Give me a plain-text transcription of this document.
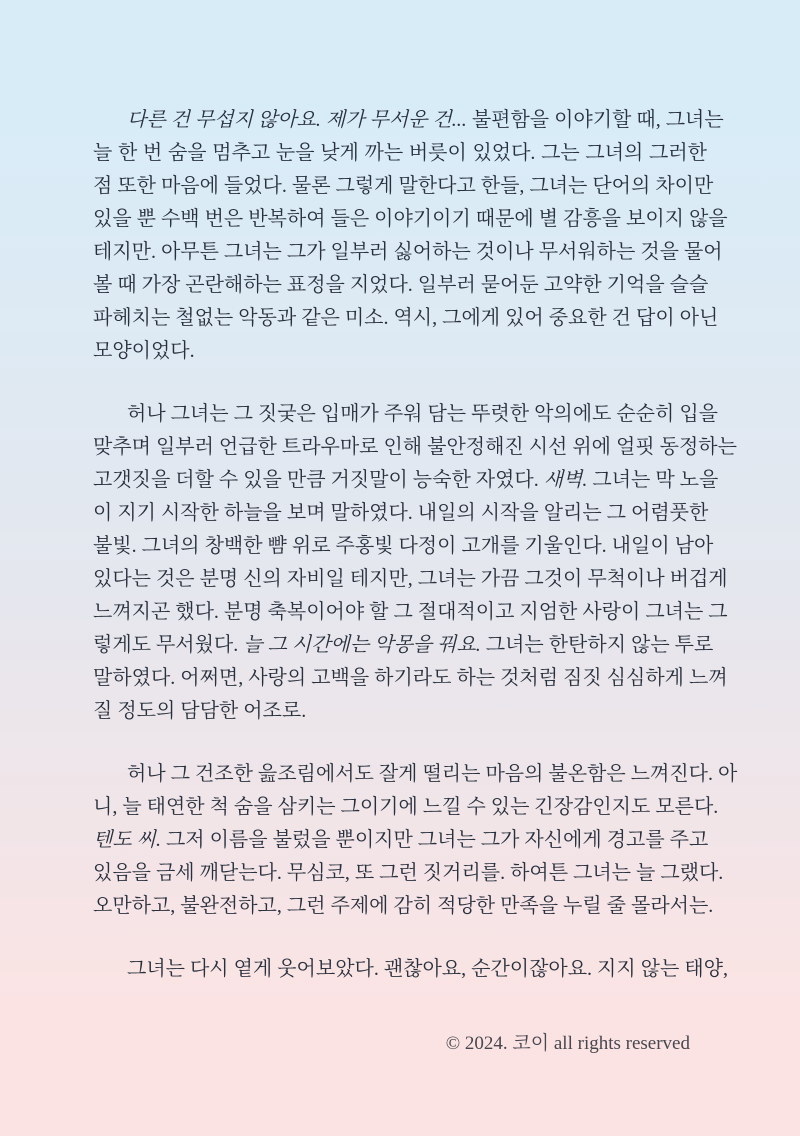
다른 건 무섭지 않아요. 제가 무서운 건... 불편함을 이야기할 때, 그녀는
늘 한 번 숨을 멈추고 눈을 낮게 까는 버릇이 있었다. 그는 그녀의 그러한
점 또한 마음에 들었다. 물론 그렇게 말한다고 한들, 그녀는 단어의 차이만
있을 뿐 수백 번은 반복하여 들은 이야기이기 때문에 별 감흥을 보이지 않을
테지만. 아무튼 그녀는 그가 일부러 싫어하는 것이나 무서워하는 것을 물어
볼 때 가장 곤란해하는 표정을 지었다. 일부러 묻어둔 고약한 기억을 슬슬
파헤치는 철없는 악동과 같은 미소. 역시, 그에게 있어 중요한 건 답이 아닌
모양이었다.
허나 그녀는 그 짓궂은 입매가 주워 담는 뚜렷한 악의에도 순순히 입을
맞추며 일부러 언급한 트라우마로 인해 불안정해진 시선 위에 얼핏 동정하는
고갯짓을 더할 수 있을 만큼 거짓말이 능숙한 자였다. 새벽. 그녀는 막 노을
이 지기 시작한 하늘을 보며 말하였다. 내일의 시작을 알리는 그 어렴풋한
불빛. 그녀의 창백한 뺨 위로 주홍빛 다정이 고개를 기울인다. 내일이 남아
있다는 것은 분명 신의 자비일 테지만, 그녀는 가끔 그것이 무척이나 버겁게
느껴지곤 했다. 분명 축복이어야 할 그 절대적이고 지엄한 사랑이 그녀는 그
렇게도 무서웠다. 늘 그 시간에는 악몽을 꿔요. 그녀는 한탄하지 않는 투로
말하였다. 어쩌면, 사랑의 고백을 하기라도 하는 것처럼 짐짓 심심하게 느껴
질 정도의 담담한 어조로.
허나 그 건조한 읊조림에서도 잘게 떨리는 마음의 불온함은 느껴진다. 아
니, 늘 태연한 척 숨을 삼키는 그이기에 느낄 수 있는 긴장감인지도 모른다.
텐도 씨. 그저 이름을 불렀을 뿐이지만 그녀는 그가 자신에게 경고를 주고
있음을 금세 깨닫는다. 무심코, 또 그런 짓거리를. 하여튼 그녀는 늘 그랬다.
오만하고, 불완전하고, 그런 주제에 감히 적당한 만족을 누릴 줄 몰라서는.
그녀는 다시 옅게 웃어보았다. 괜찮아요, 순간이잖아요. 지지 않는 태양,
© 2024. 코이 all rights reserved
